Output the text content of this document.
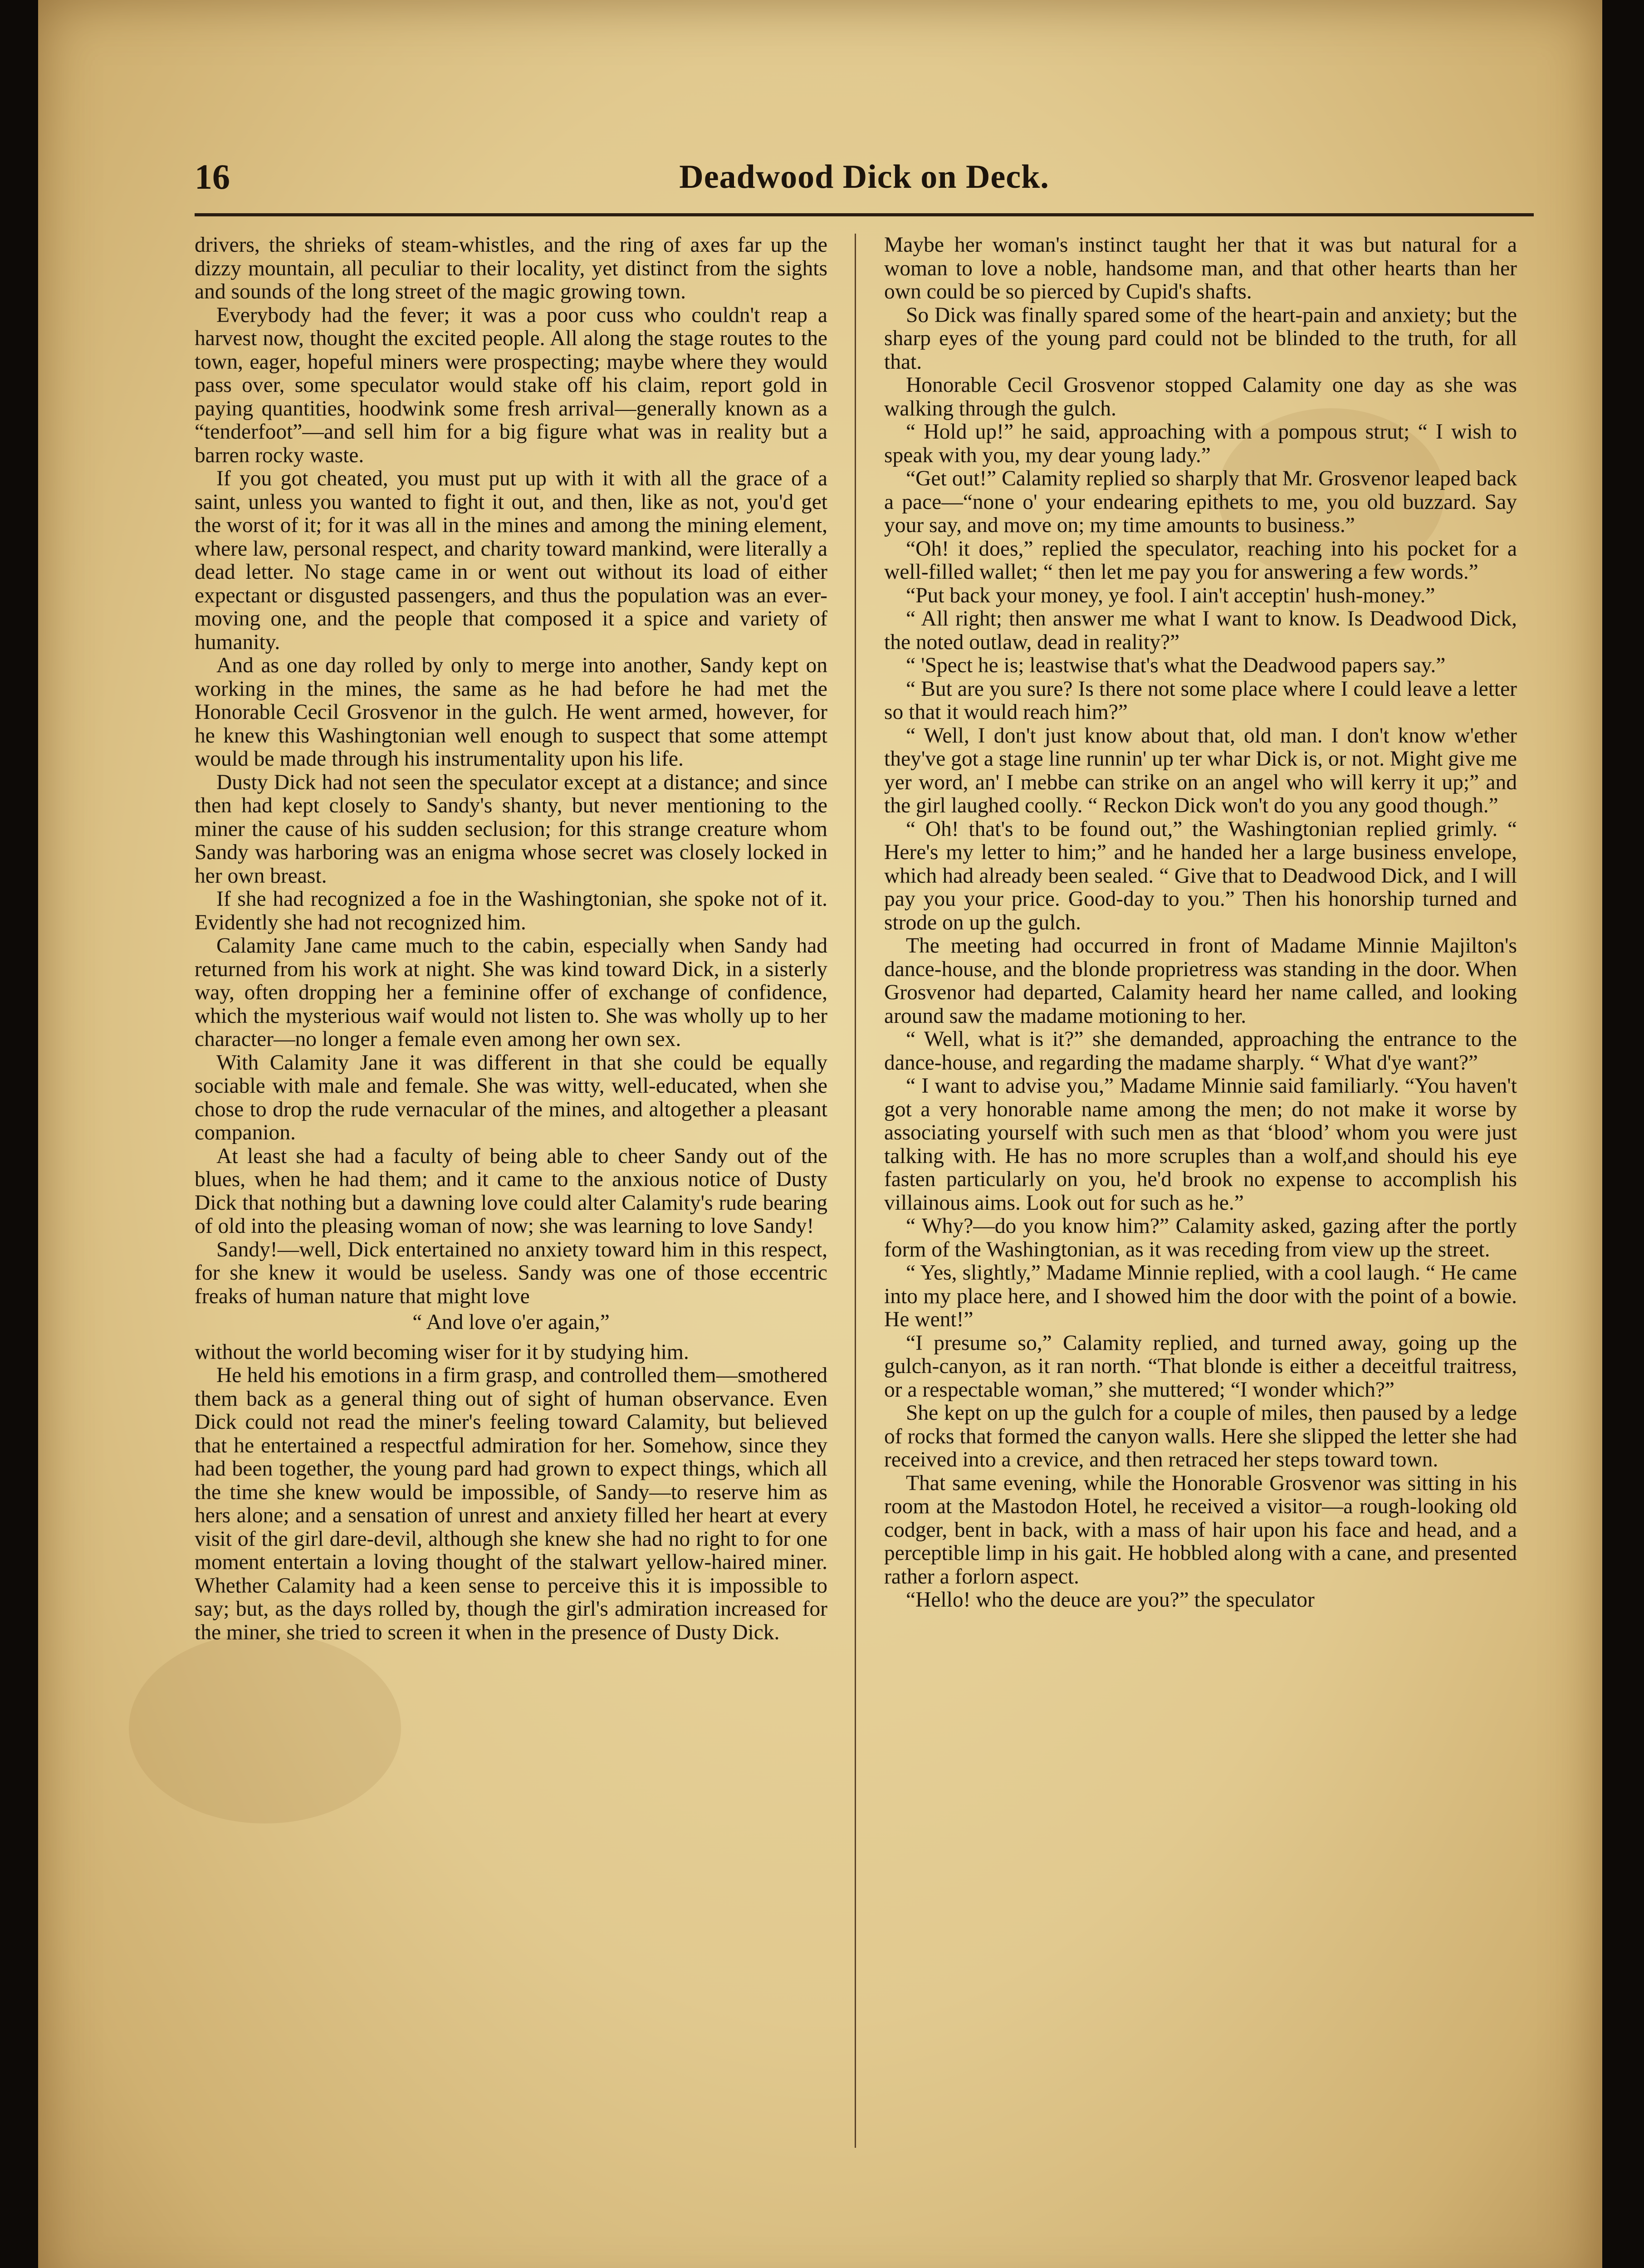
16	Deadwood Dick on Deck.

drivers, the shrieks of steam-whistles, and the ring of axes far up the dizzy mountain, all peculiar to their locality, yet distinct from the sights and sounds of the long street of the magic growing town.

Everybody had the fever; it was a poor cuss who couldn't reap a harvest now, thought the excited people. All along the stage routes to the town, eager, hopeful miners were prospecting; maybe where they would pass over, some speculator would stake off his claim, report gold in paying quantities, hoodwink some fresh arrival—generally known as a “tenderfoot”—and sell him for a big figure what was in reality but a barren rocky waste.

If you got cheated, you must put up with it with all the grace of a saint, unless you wanted to fight it out, and then, like as not, you'd get the worst of it; for it was all in the mines and among the mining element, where law, personal respect, and charity toward mankind, were literally a dead letter. No stage came in or went out without its load of either expectant or disgusted passengers, and thus the population was an ever-moving one, and the people that composed it a spice and variety of humanity.

And as one day rolled by only to merge into another, Sandy kept on working in the mines, the same as he had before he had met the Honorable Cecil Grosvenor in the gulch. He went armed, however, for he knew this Washingtonian well enough to suspect that some attempt would be made through his instrumentality upon his life.

Dusty Dick had not seen the speculator except at a distance; and since then had kept closely to Sandy's shanty, but never mentioning to the miner the cause of his sudden seclusion; for this strange creature whom Sandy was harboring was an enigma whose secret was closely locked in her own breast.

If she had recognized a foe in the Washingtonian, she spoke not of it. Evidently she had not recognized him.

Calamity Jane came much to the cabin, especially when Sandy had returned from his work at night. She was kind toward Dick, in a sisterly way, often dropping her a feminine offer of exchange of confidence, which the mysterious waif would not listen to. She was wholly up to her character—no longer a female even among her own sex.

With Calamity Jane it was different in that she could be equally sociable with male and female. She was witty, well-educated, when she chose to drop the rude vernacular of the mines, and altogether a pleasant companion.

At least she had a faculty of being able to cheer Sandy out of the blues, when he had them; and it came to the anxious notice of Dusty Dick that nothing but a dawning love could alter Calamity's rude bearing of old into the pleasing woman of now; she was learning to love Sandy!

Sandy!—well, Dick entertained no anxiety toward him in this respect, for she knew it would be useless. Sandy was one of those eccentric freaks of human nature that might love

“ And love o'er again,”

without the world becoming wiser for it by studying him.

He held his emotions in a firm grasp, and controlled them—smothered them back as a general thing out of sight of human observance. Even Dick could not read the miner's feeling toward Calamity, but believed that he entertained a respectful admiration for her. Somehow, since they had been together, the young pard had grown to expect things, which all the time she knew would be impossible, of Sandy—to reserve him as hers alone; and a sensation of unrest and anxiety filled her heart at every visit of the girl dare-devil, although she knew she had no right to for one moment entertain a loving thought of the stalwart yellow-haired miner. Whether Calamity had a keen sense to perceive this it is impossible to say; but, as the days rolled by, though the girl's admiration increased for the miner, she tried to screen it when in the presence of Dusty Dick.

Maybe her woman's instinct taught her that it was but natural for a woman to love a noble, handsome man, and that other hearts than her own could be so pierced by Cupid's shafts.

So Dick was finally spared some of the heart-pain and anxiety; but the sharp eyes of the young pard could not be blinded to the truth, for all that.

Honorable Cecil Grosvenor stopped Calamity one day as she was walking through the gulch.

“ Hold up!” he said, approaching with a pompous strut; “ I wish to speak with you, my dear young lady.”

“Get out!” Calamity replied so sharply that Mr. Grosvenor leaped back a pace—“none o' your endearing epithets to me, you old buzzard. Say your say, and move on; my time amounts to business.”

“Oh! it does,” replied the speculator, reaching into his pocket for a well-filled wallet; “ then let me pay you for answering a few words.”

“Put back your money, ye fool. I ain't acceptin' hush-money.”

“ All right; then answer me what I want to know. Is Deadwood Dick, the noted outlaw, dead in reality?”

“ 'Spect he is; leastwise that's what the Deadwood papers say.”

“ But are you sure? Is there not some place where I could leave a letter so that it would reach him?”

“ Well, I don't just know about that, old man. I don't know w'ether they've got a stage line runnin' up ter whar Dick is, or not. Might give me yer word, an' I mebbe can strike on an angel who will kerry it up;” and the girl laughed coolly. “ Reckon Dick won't do you any good though.”

“ Oh! that's to be found out,” the Washingtonian replied grimly. “ Here's my letter to him;” and he handed her a large business envelope, which had already been sealed. “ Give that to Deadwood Dick, and I will pay you your price. Good-day to you.” Then his honorship turned and strode on up the gulch.

The meeting had occurred in front of Madame Minnie Majilton's dance-house, and the blonde proprietress was standing in the door. When Grosvenor had departed, Calamity heard her name called, and looking around saw the madame motioning to her.

“ Well, what is it?” she demanded, approaching the entrance to the dance-house, and regarding the madame sharply. “ What d'ye want?”

“ I want to advise you,” Madame Minnie said familiarly. “You haven't got a very honorable name among the men; do not make it worse by associating yourself with such men as that ‘blood’ whom you were just talking with. He has no more scruples than a wolf,and should his eye fasten particularly on you, he'd brook no expense to accomplish his villainous aims. Look out for such as he.”

“ Why?—do you know him?” Calamity asked, gazing after the portly form of the Washingtonian, as it was receding from view up the street.

“ Yes, slightly,” Madame Minnie replied, with a cool laugh. “ He came into my place here, and I showed him the door with the point of a bowie. He went!”

“I presume so,” Calamity replied, and turned away, going up the gulch-canyon, as it ran north. “That blonde is either a deceitful traitress, or a respectable woman,” she muttered; “I wonder which?”

She kept on up the gulch for a couple of miles, then paused by a ledge of rocks that formed the canyon walls. Here she slipped the letter she had received into a crevice, and then retraced her steps toward town.

That same evening, while the Honorable Grosvenor was sitting in his room at the Mastodon Hotel, he received a visitor—a rough-looking old codger, bent in back, with a mass of hair upon his face and head, and a perceptible limp in his gait. He hobbled along with a cane, and presented rather a forlorn aspect.

“Hello! who the deuce are you?” the speculator
